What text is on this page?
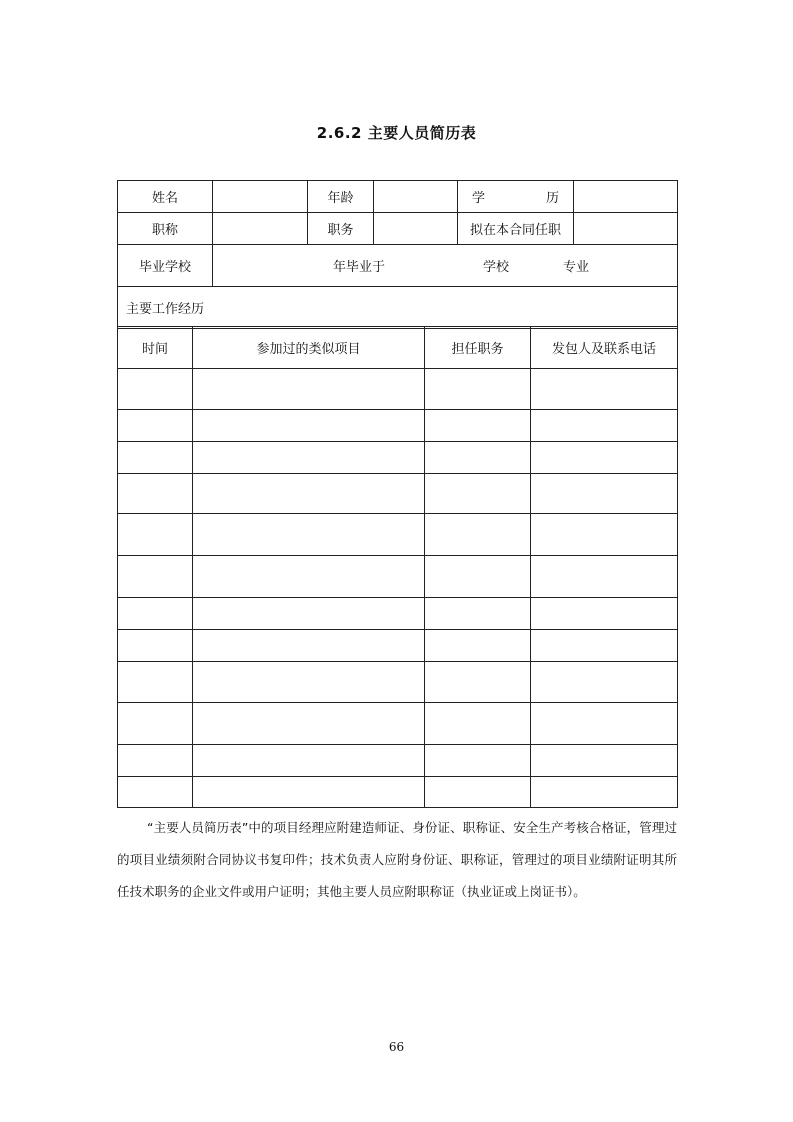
2.6.2 主要人员简历表
姓名		年龄		学 历	

职称		职务		拟在本合同任职	
毕业学校	年毕业于 学校 专业				

主要工作经历					
时间	参加过的类似项目	担任职务	发包人及联系电话

“主要人员简历表”中的项目经理应附建造师证、身份证、职称证、安全生产考核合格证，管理过的项目业绩须附合同协议书复印件；技术负责人应附身份证、职称证，管理过的项目业绩附证明其所任技术职务的企业文件或用户证明；其他主要人员应附职称证（执业证或上岗证书）。
66
